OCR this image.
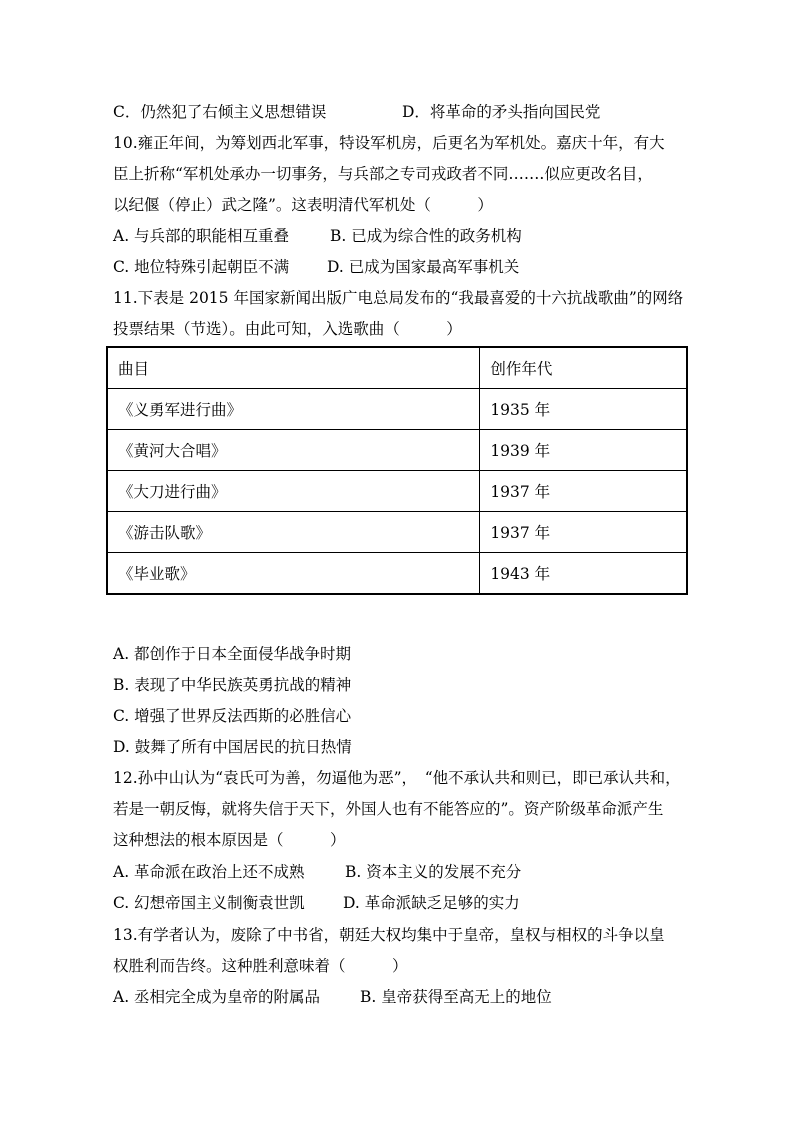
C．仍然犯了右倾主义思想错误	D．将革命的矛头指向国民党
10.雍正年间，为筹划西北军事，特设军机房，后更名为军机处。嘉庆十年，有大
臣上折称“军机处承办一切事务，与兵部之专司戎政者不同…….似应更改名目，
以纪偃（停止）武之隆”。这表明清代军机处（　　　）
A. 与兵部的职能相互重叠	B. 已成为综合性的政务机构
C. 地位特殊引起朝臣不满 D. 已成为国家最高军事机关
11.下表是 2015 年国家新闻出版广电总局发布的“我最喜爱的十六抗战歌曲”的网络
投票结果（节选）。由此可知，入选歌曲（　　　）
曲目	创作年代
《义勇军进行曲》	1935 年
《黄河大合唱》	1939 年
《大刀进行曲》	1937 年
《游击队歌》	1937 年
《毕业歌》	1943 年
A. 都创作于日本全面侵华战争时期
B. 表现了中华民族英勇抗战的精神
C. 增强了世界反法西斯的必胜信心
D. 鼓舞了所有中国居民的抗日热情
12.孙中山认为“袁氏可为善，勿逼他为恶”，　“他不承认共和则已，即已承认共和，
若是一朝反悔，就将失信于天下，外国人也有不能答应的”。资产阶级革命派产生
这种想法的根本原因是（　　　）
A. 革命派在政治上还不成熟	B. 资本主义的发展不充分
C. 幻想帝国主义制衡袁世凯 D. 革命派缺乏足够的实力
13.有学者认为，废除了中书省，朝廷大权均集中于皇帝，皇权与相权的斗争以皇
权胜利而告终。这种胜利意味着（　　　）
A. 丞相完全成为皇帝的附属品	B. 皇帝获得至高无上的地位
